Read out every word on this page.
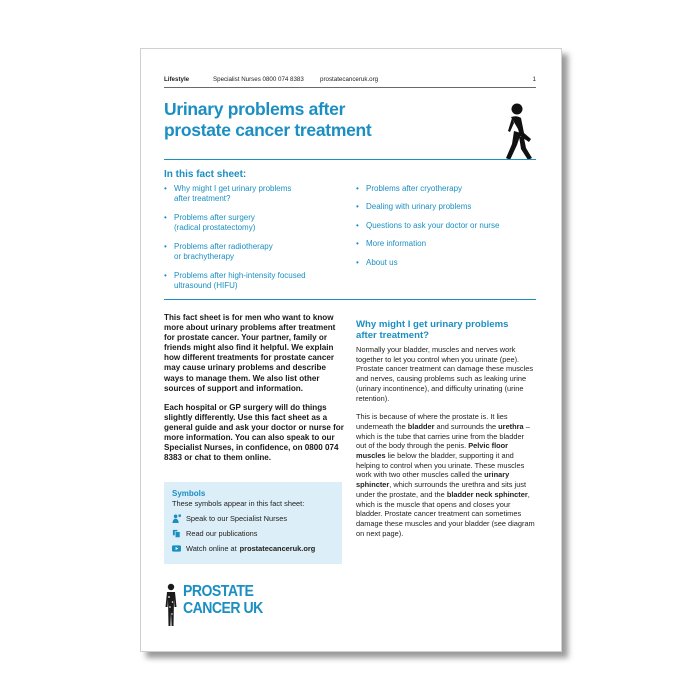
Lifestyle	Specialist Nurses 0800 074 8383	prostatecanceruk.org	1
Urinary problems after
prostate cancer treatment
In this fact sheet:
• Why might I get urinary problems
after treatment?
• Problems after surgery
(radical prostatectomy)
• Problems after radiotherapy
or brachytherapy
• Problems after high-intensity focused
ultrasound (HIFU)
• Problems after cryotherapy
• Dealing with urinary problems
• Questions to ask your doctor or nurse
• More information
• About us

This fact sheet is for men who want to know more about urinary problems after treatment for prostate cancer. Your partner, family or friends might also find it helpful. We explain how different treatments for prostate cancer may cause urinary problems and describe ways to manage them. We also list other sources of support and information.

Each hospital or GP surgery will do things slightly differently. Use this fact sheet as a general guide and ask your doctor or nurse for more information. You can also speak to our Specialist Nurses, in confidence, on 0800 074 8383 or chat to them online.

Symbols
These symbols appear in this fact sheet:
Speak to our Specialist Nurses
Read our publications
Watch online at prostatecanceruk.org
Why might I get urinary problems
after treatment?

Normally your bladder, muscles and nerves work together to let you control when you urinate (pee). Prostate cancer treatment can damage these muscles and nerves, causing problems such as leaking urine (urinary incontinence), and difficulty urinating (urine retention).

This is because of where the prostate is. It lies underneath the bladder and surrounds the urethra – which is the tube that carries urine from the bladder out of the body through the penis. Pelvic floor muscles lie below the bladder, supporting it and helping to control when you urinate. These muscles work with two other muscles called the urinary sphincter, which surrounds the urethra and sits just under the prostate, and the bladder neck sphincter, which is the muscle that opens and closes your bladder. Prostate cancer treatment can sometimes damage these muscles and your bladder (see diagram on next page).

PROSTATE
CANCER UK
